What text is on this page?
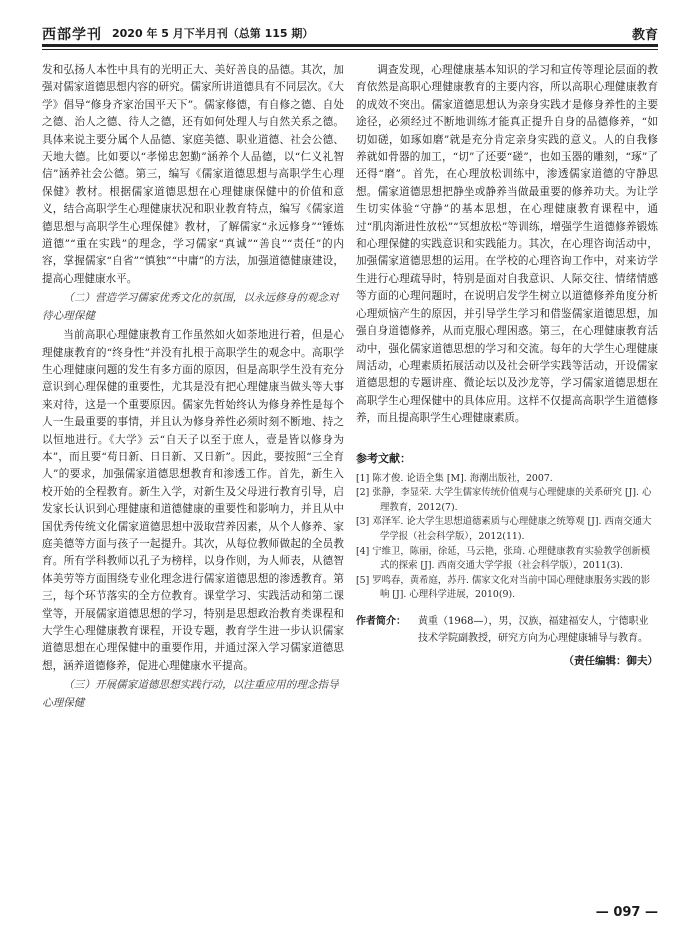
西部学刊 2020 年 5 月下半月刊（总第 115 期）	教育

发和弘扬人本性中具有的光明正大、美好善良的品德。其次，加强对儒家道德思想内容的研究。儒家所讲道德具有不同层次。《大学》倡导“修身齐家治国平天下”。儒家修德，有自修之德、自处之德、治人之德、待人之德，还有如何处理人与自然关系之德。具体来说主要分属个人品德、家庭美德、职业道德、社会公德、天地大德。比如要以“孝悌忠恕勤”涵养个人品德，以“仁义礼智信”涵养社会公德。第三，编写《儒家道德思想与高职学生心理保健》教材。根据儒家道德思想在心理健康保健中的价值和意义，结合高职学生心理健康状况和职业教育特点，编写《儒家道德思想与高职学生心理保健》教材，了解儒家“永远修身”“锤炼道德”“重在实践”的理念，学习儒家“真诚”“善良”“责任”的内容，掌握儒家“自省”“慎独”“中庸”的方法，加强道德健康建设，提高心理健康水平。

（二）营造学习儒家优秀文化的氛围，以永远修身的观念对待心理保健

当前高职心理健康教育工作虽然如火如荼地进行着，但是心理健康教育的“终身性”并没有扎根于高职学生的观念中。高职学生心理健康问题的发生有多方面的原因，但是高职学生没有充分意识到心理保健的重要性，尤其是没有把心理健康当做头等大事来对待，这是一个重要原因。儒家先哲始终认为修身养性是每个人一生最重要的事情，并且认为修身养性必须时刻不断地、持之以恒地进行。《大学》云“自天子以至于庶人，壹是皆以修身为本”，而且要“苟日新、日日新、又日新”。因此，要按照“三全育人”的要求，加强儒家道德思想教育和渗透工作。首先，新生入校开始的全程教育。新生入学，对新生及父母进行教育引导，启发家长认识到心理健康和道德健康的重要性和影响力，并且从中国优秀传统文化儒家道德思想中汲取营养因素，从个人修养、家庭美德等方面与孩子一起提升。其次，从每位教师做起的全员教育。所有学科教师以孔子为榜样，以身作则，为人师表，从德智体美劳等方面围绕专业化理念进行儒家道德思想的渗透教育。第三，每个环节落实的全方位教育。课堂学习、实践活动和第二课堂等，开展儒家道德思想的学习，特别是思想政治教育类课程和大学生心理健康教育课程，开设专题，教育学生进一步认识儒家道德思想在心理保健中的重要作用，并通过深入学习儒家道德思想，涵养道德修养，促进心理健康水平提高。

（三）开展儒家道德思想实践行动，以注重应用的理念指导心理保健

调查发现，心理健康基本知识的学习和宣传等理论层面的教育依然是高职心理健康教育的主要内容，所以高职心理健康教育的成效不突出。儒家道德思想认为亲身实践才是修身养性的主要途径，必须经过不断地训练才能真正提升自身的品德修养，“如切如磋，如琢如磨”就是充分肯定亲身实践的意义。人的自我修养就如骨器的加工，“切”了还要“磋”，也如玉器的雕刻，“琢”了还得“磨”。首先，在心理放松训练中，渗透儒家道德的守静思想。儒家道德思想把静坐或静养当做最重要的修养功夫。为让学生切实体验“守静”的基本思想，在心理健康教育课程中，通过“肌肉渐进性放松”“冥想放松”等训练，增强学生道德修养锻炼和心理保健的实践意识和实践能力。其次，在心理咨询活动中，加强儒家道德思想的运用。在学校的心理咨询工作中，对来访学生进行心理疏导时，特别是面对自我意识、人际交往、情绪情感等方面的心理问题时，在说明启发学生树立以道德修养角度分析心理烦恼产生的原因，并引导学生学习和借鉴儒家道德思想，加强自身道德修养，从而克服心理困惑。第三，在心理健康教育活动中，强化儒家道德思想的学习和交流。每年的大学生心理健康周活动，心理素质拓展活动以及社会研学实践等活动，开设儒家道德思想的专题讲座、微论坛以及沙龙等，学习儒家道德思想在高职学生心理保健中的具体应用。这样不仅提高高职学生道德修养，而且提高职学生心理健康素质。

参考文献：

[1] 陈才俊. 论语全集 [M]. 海潮出版社，2007.

[2] 张静，李显荣. 大学生儒家传统价值观与心理健康的关系研究 [J]. 心理教育，2012(7).

[3] 邓泽军. 论大学生思想道德素质与心理健康之统筹观 [J]. 西南交通大学学报（社会科学版），2012(11).

[4] 宁维卫，陈丽，徐延，马云艳，张琦. 心理健康教育实验教学创新模式的探索 [J]. 西南交通大学学报（社会科学版），2011(3).

[5] 罗鸣春，黄希庭，苏丹. 儒家文化对当前中国心理健康服务实践的影响 [J]. 心理科学进展，2010(9).

作者简介： 黄重（1968—），男，汉族，福建福安人，宁德职业技术学院副教授，研究方向为心理健康辅导与教育。
（责任编辑：御夫）
— 097 —
